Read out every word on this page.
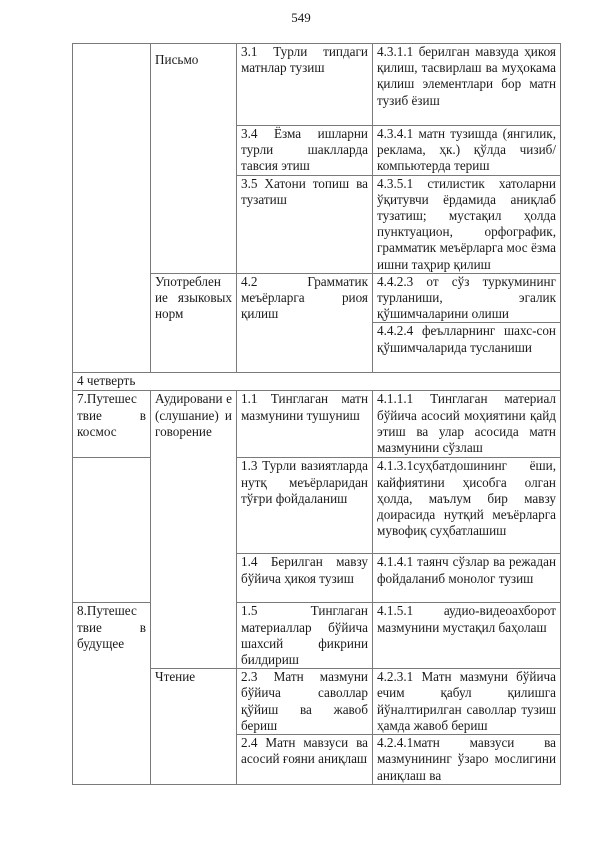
549

	Письмо	3.1 Турли типдаги матнлар тузиш	4.3.1.1 берилган мавзуда ҳикоя қилиш, тасвирлаш ва муҳокама қилиш элементлари бор матн тузиб ёзиш
		3.4 Ёзма ишларни турли шаклларда тавсия этиш	4.3.4.1 матн тузишда (янгилик, реклама, ҳк.) қўлда чизиб/ компьютерда териш
		3.5 Хатони топиш ва тузатиш	4.3.5.1 стилистик хатоларни ўқитувчи ёрдамида аниқлаб тузатиш; мустақил ҳолда пунктуацион, орфографик, грамматик меъёрларга мос ёзма ишни таҳрир қилиш
	Употреблен ие языковых норм	4.2 Грамматик меъёрларга риоя қилиш	4.4.2.3 от сўз туркумининг турланиши, эгалик қўшимчаларини олиши
			4.4.2.4 феълларнинг шахс-сон қўшимчаларида тусланиши
4 четверть			
7.Путешес твие в космос	Аудировани е (слушание) и говорение	1.1 Тинглаган матн мазмунини тушуниш	4.1.1.1 Тинглаган материал бўйича асосий моҳиятини қайд этиш ва улар асосида матн мазмунини сўзлаш
		1.3 Турли вазиятларда нутқ меъёрларидан тўғри фойдаланиш	4.1.3.1суҳбатдошининг ёши, кайфиятини ҳисобга олган ҳолда, маълум бир мавзу доирасида нутқий меъёрларга мувофиқ суҳбатлашиш
		1.4 Берилган мавзу бўйича ҳикоя тузиш	4.1.4.1 таянч сўзлар ва режадан фойдаланиб монолог тузиш
8.Путешес твие в будущее		1.5 Тинглаган материаллар бўйича шахсий фикрини билдириш	4.1.5.1 аудио-видеоахборот мазмунини мустақил баҳолаш
	Чтение	2.3 Матн мазмуни бўйича саволлар қўйиш ва жавоб бериш	4.2.3.1 Матн мазмуни бўйича ечим қабул қилишга йўналтирилган саволлар тузиш ҳамда жавоб бериш
		2.4 Матн мавзуси ва асосий ғояни аниқлаш	4.2.4.1матн мавзуси ва мазмунининг ўзаро мослигини аниқлаш ва
